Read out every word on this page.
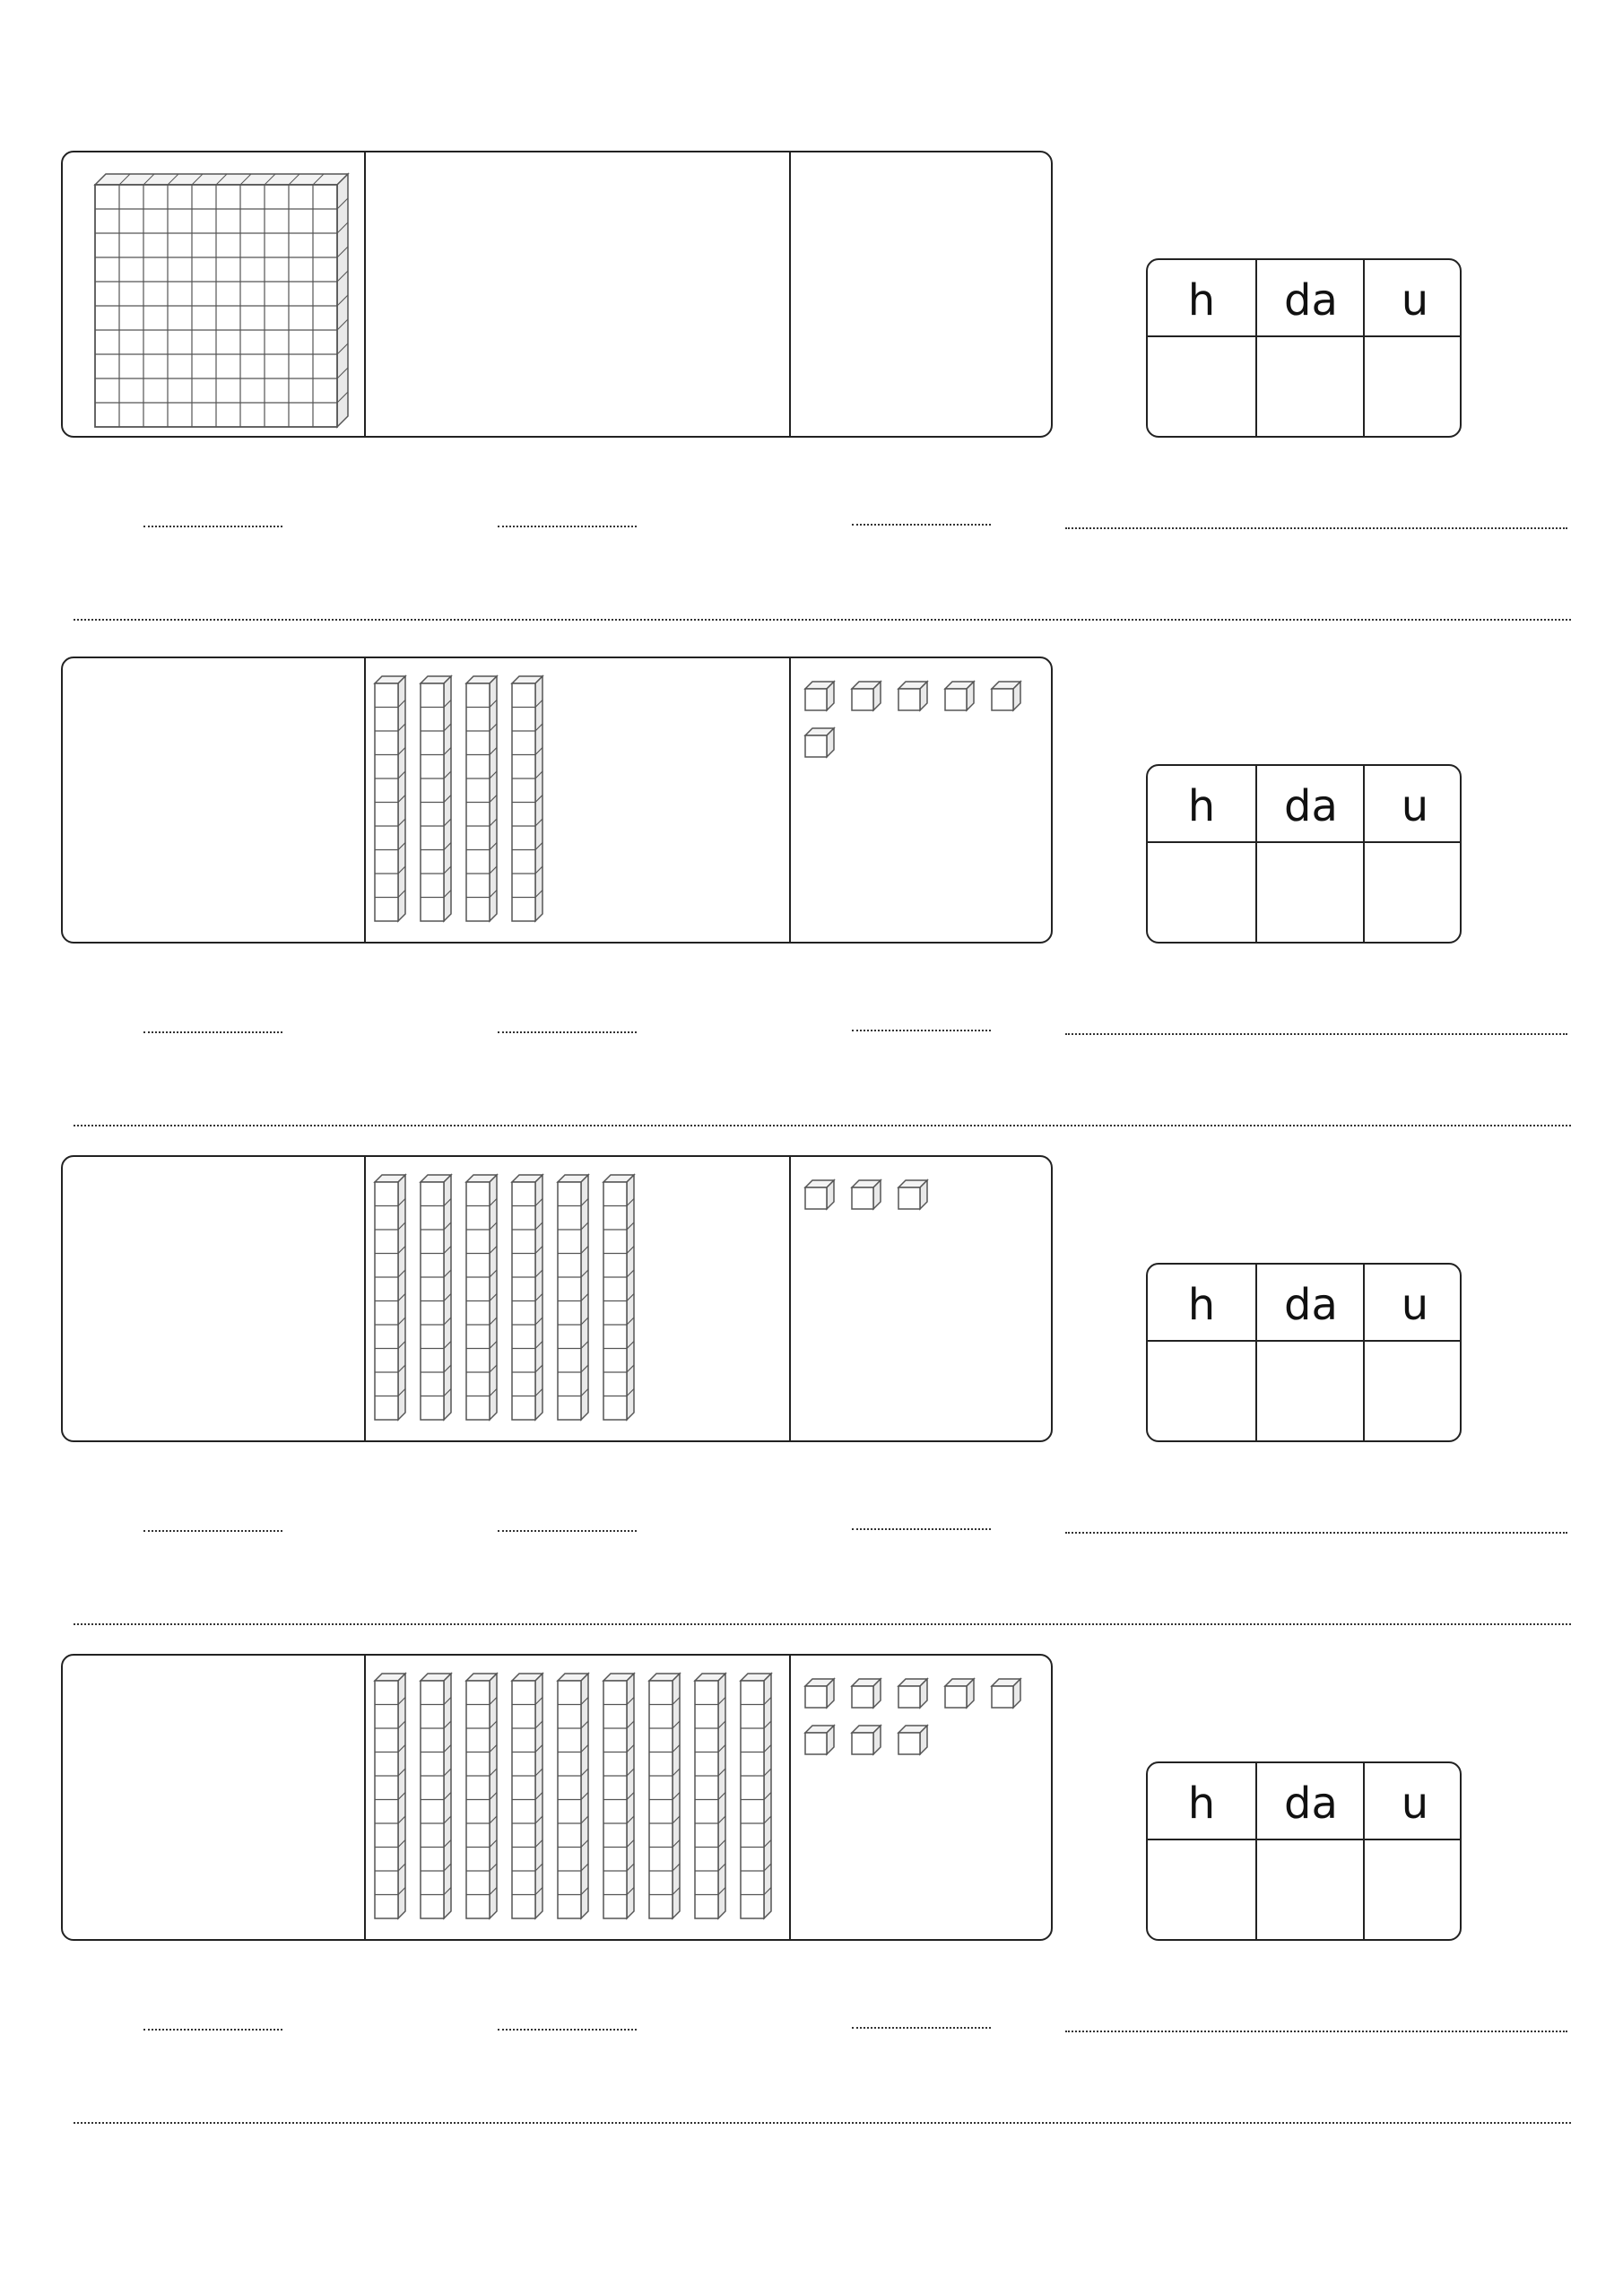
h	da	u
h	da	u
h	da	u
h	da	u
